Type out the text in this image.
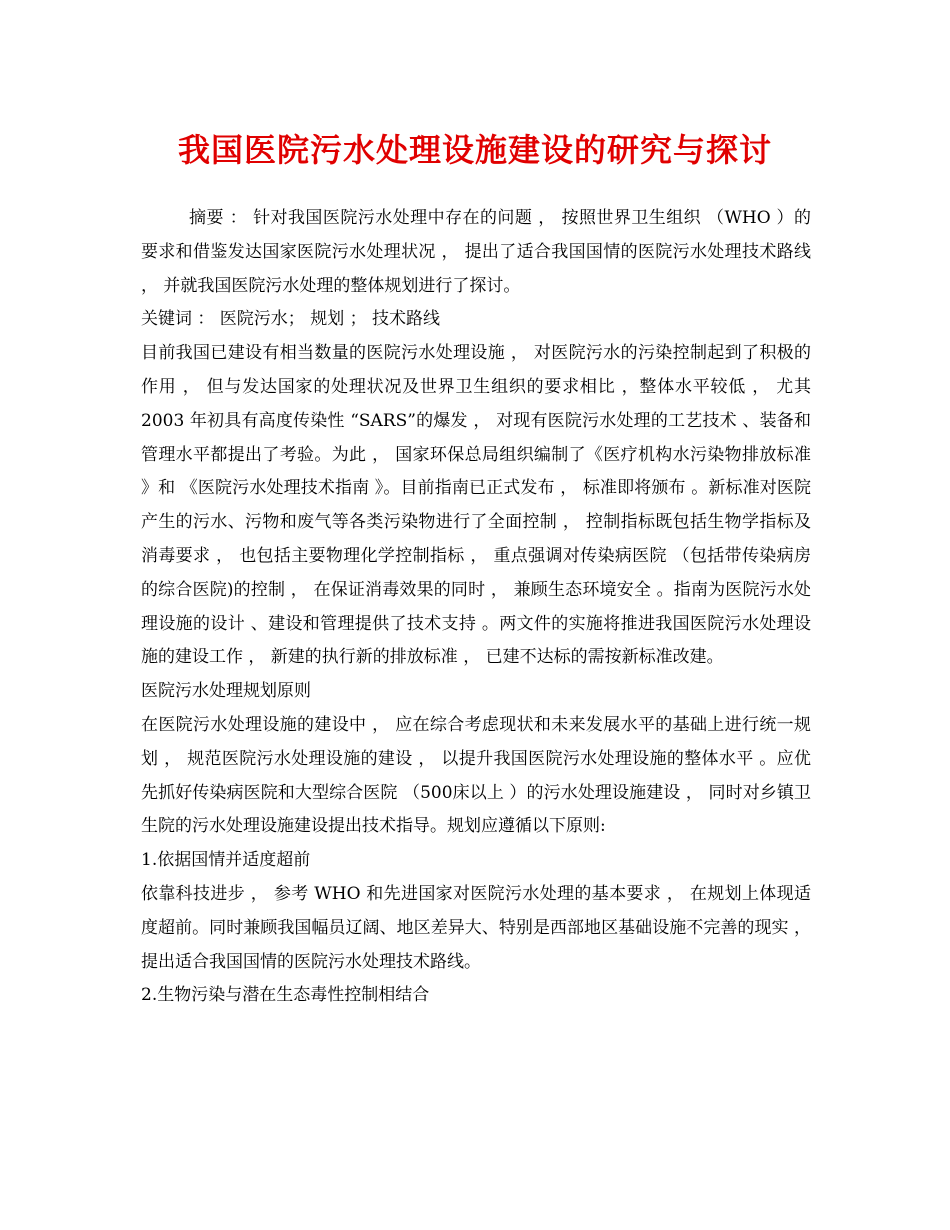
我国医院污水处理设施建设的研究与探讨

摘要 ： 针对我国医院污水处理中存在的问题 ， 按照世界卫生组织 （WHO ）的要求和借鉴发达国家医院污水处理状况 ， 提出了适合我国国情的医院污水处理技术路线 ， 并就我国医院污水处理的整体规划进行了探讨。

关键词 ： 医院污水； 规划 ； 技术路线

目前我国已建设有相当数量的医院污水处理设施 ， 对医院污水的污染控制起到了积极的作用 ， 但与发达国家的处理状况及世界卫生组织的要求相比 ，整体水平较低 ， 尤其 2003 年初具有高度传染性 “SARS”的爆发 ， 对现有医院污水处理的工艺技术 、装备和管理水平都提出了考验。为此 ， 国家环保总局组织编制了《医疗机构水污染物排放标准 》和 《医院污水处理技术指南 》。目前指南已正式发布 ， 标准即将颁布 。新标准对医院产生的污水、污物和废气等各类污染物进行了全面控制 ， 控制指标既包括生物学指标及消毒要求 ， 也包括主要物理化学控制指标 ， 重点强调对传染病医院 （包括带传染病房的综合医院)的控制 ， 在保证消毒效果的同时 ， 兼顾生态环境安全 。指南为医院污水处理设施的设计 、建设和管理提供了技术支持 。两文件的实施将推进我国医院污水处理设施的建设工作 ， 新建的执行新的排放标准 ， 已建不达标的需按新标准改建。

医院污水处理规划原则

在医院污水处理设施的建设中 ， 应在综合考虑现状和未来发展水平的基础上进行统一规划 ， 规范医院污水处理设施的建设 ， 以提升我国医院污水处理设施的整体水平 。应优先抓好传染病医院和大型综合医院 （500床以上 ）的污水处理设施建设 ， 同时对乡镇卫生院的污水处理设施建设提出技术指导。规划应遵循以下原则:

1.依据国情并适度超前

依靠科技进步 ， 参考 WHO 和先进国家对医院污水处理的基本要求 ， 在规划上体现适度超前。同时兼顾我国幅员辽阔、地区差异大、特别是西部地区基础设施不完善的现实 ， 提出适合我国国情的医院污水处理技术路线。

2.生物污染与潜在生态毒性控制相结合
